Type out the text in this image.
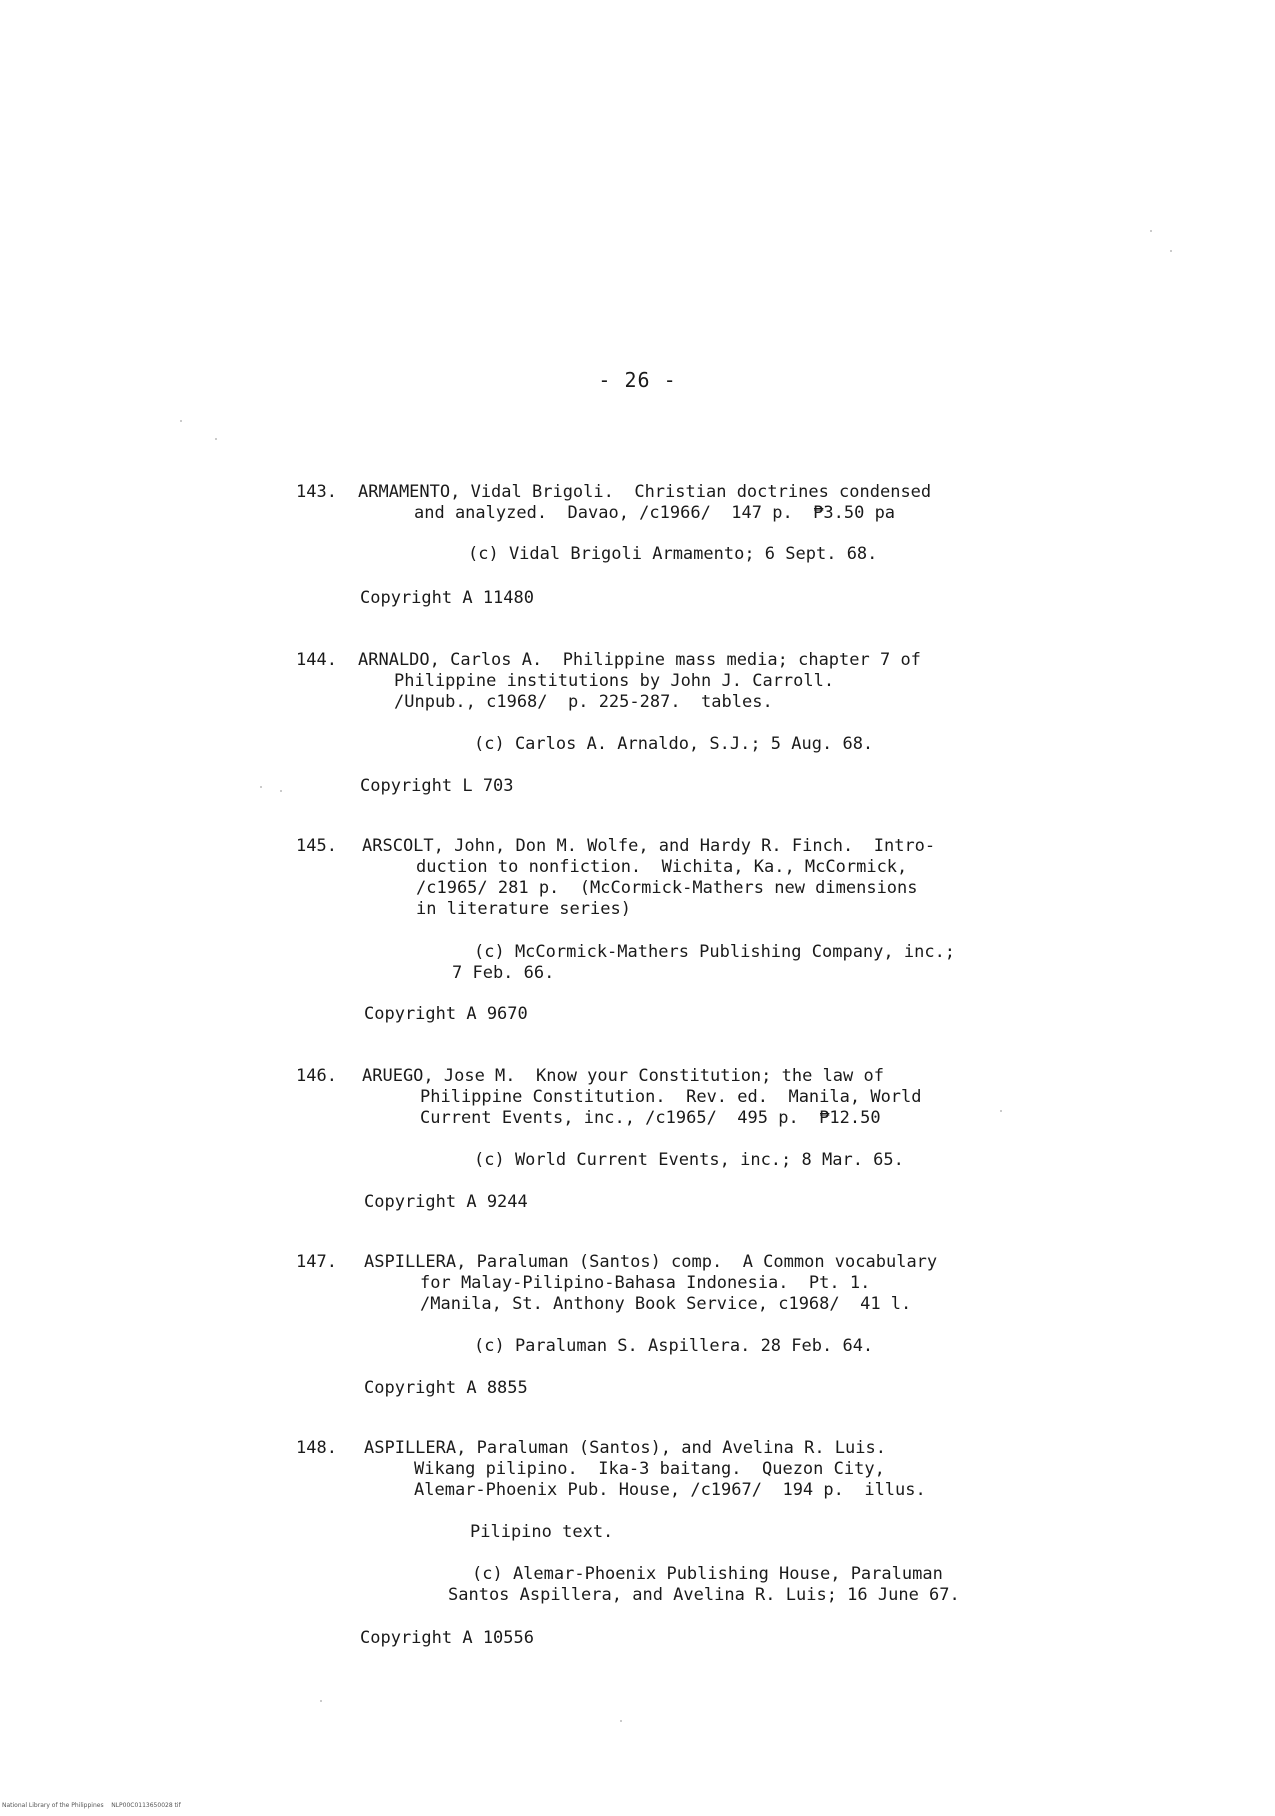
- 26 -
143. ARMAMENTO, Vidal Brigoli.  Christian doctrines condensed
and analyzed.  Davao, ∕c1966∕  147 p.  ₱3.50 pa
(c) Vidal Brigoli Armamento; 6 Sept. 68.
Copyright A 11480
144. ARNALDO, Carlos A.  Philippine mass media; chapter 7 of
Philippine institutions by John J. Carroll.
∕Unpub., c1968∕  p. 225-287.  tables.
(c) Carlos A. Arnaldo, S.J.; 5 Aug. 68.
Copyright L 703
145. ARSCOLT, John, Don M. Wolfe, and Hardy R. Finch.  Intro-
duction to nonfiction.  Wichita, Ka., McCormick,
∕c1965∕ 281 p.  (McCormick-Mathers new dimensions
in literature series)
(c) McCormick-Mathers Publishing Company, inc.;
7 Feb. 66.
Copyright A 9670
146. ARUEGO, Jose M.  Know your Constitution; the law of
Philippine Constitution.  Rev. ed.  Manila, World
Current Events, inc., ∕c1965∕  495 p.  ₱12.50
(c) World Current Events, inc.; 8 Mar. 65.
Copyright A 9244
147. ASPILLERA, Paraluman (Santos) comp.  A Common vocabulary
for Malay-Pilipino-Bahasa Indonesia.  Pt. 1.
∕Manila, St. Anthony Book Service, c1968∕  41 l.
(c) Paraluman S. Aspillera. 28 Feb. 64.
Copyright A 8855
148. ASPILLERA, Paraluman (Santos), and Avelina R. Luis.
Wikang pilipino.  Ika-3 baitang.  Quezon City,
Alemar-Phoenix Pub. House, ∕c1967∕  194 p.  illus.
Pilipino text.
(c) Alemar-Phoenix Publishing House, Paraluman
Santos Aspillera, and Avelina R. Luis; 16 June 67.
Copyright A 10556
National Library of the Philippines    NLP00C0113650028 tif
